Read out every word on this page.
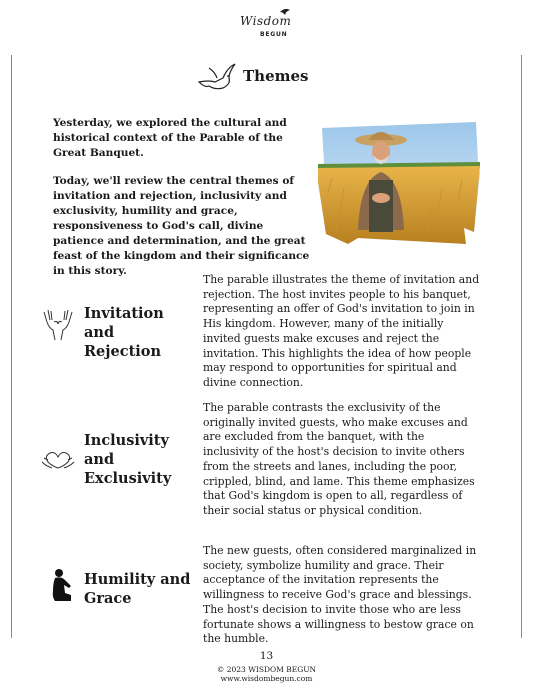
Wisdom
BEGUN
Themes

Yesterday, we explored the cultural and historical context of the Parable of the Great Banquet.

Today, we'll review the central themes of invitation and rejection, inclusivity and exclusivity, humility and grace, responsiveness to God's call, divine patience and determination, and the great feast of the kingdom and their significance in this story.

Invitation and Rejection
The parable illustrates the theme of invitation and rejection. The host invites people to his banquet, representing an offer of God's invitation to join in His kingdom. However, many of the initially invited guests make excuses and reject the invitation. This highlights the idea of how people may respond to opportunities for spiritual and divine connection.
Inclusivity and Exclusivity
The parable contrasts the exclusivity of the originally invited guests, who make excuses and are excluded from the banquet, with the inclusivity of the host's decision to invite others from the streets and lanes, including the poor, crippled, blind, and lame. This theme emphasizes that God's kingdom is open to all, regardless of their social status or physical condition.
Humility and Grace
The new guests, often considered marginalized in society, symbolize humility and grace. Their acceptance of the invitation represents the willingness to receive God's grace and blessings. The host's decision to invite those who are less fortunate shows a willingness to bestow grace on the humble.
13
© 2023 WISDOM BEGUN
www.wisdombegun.com
